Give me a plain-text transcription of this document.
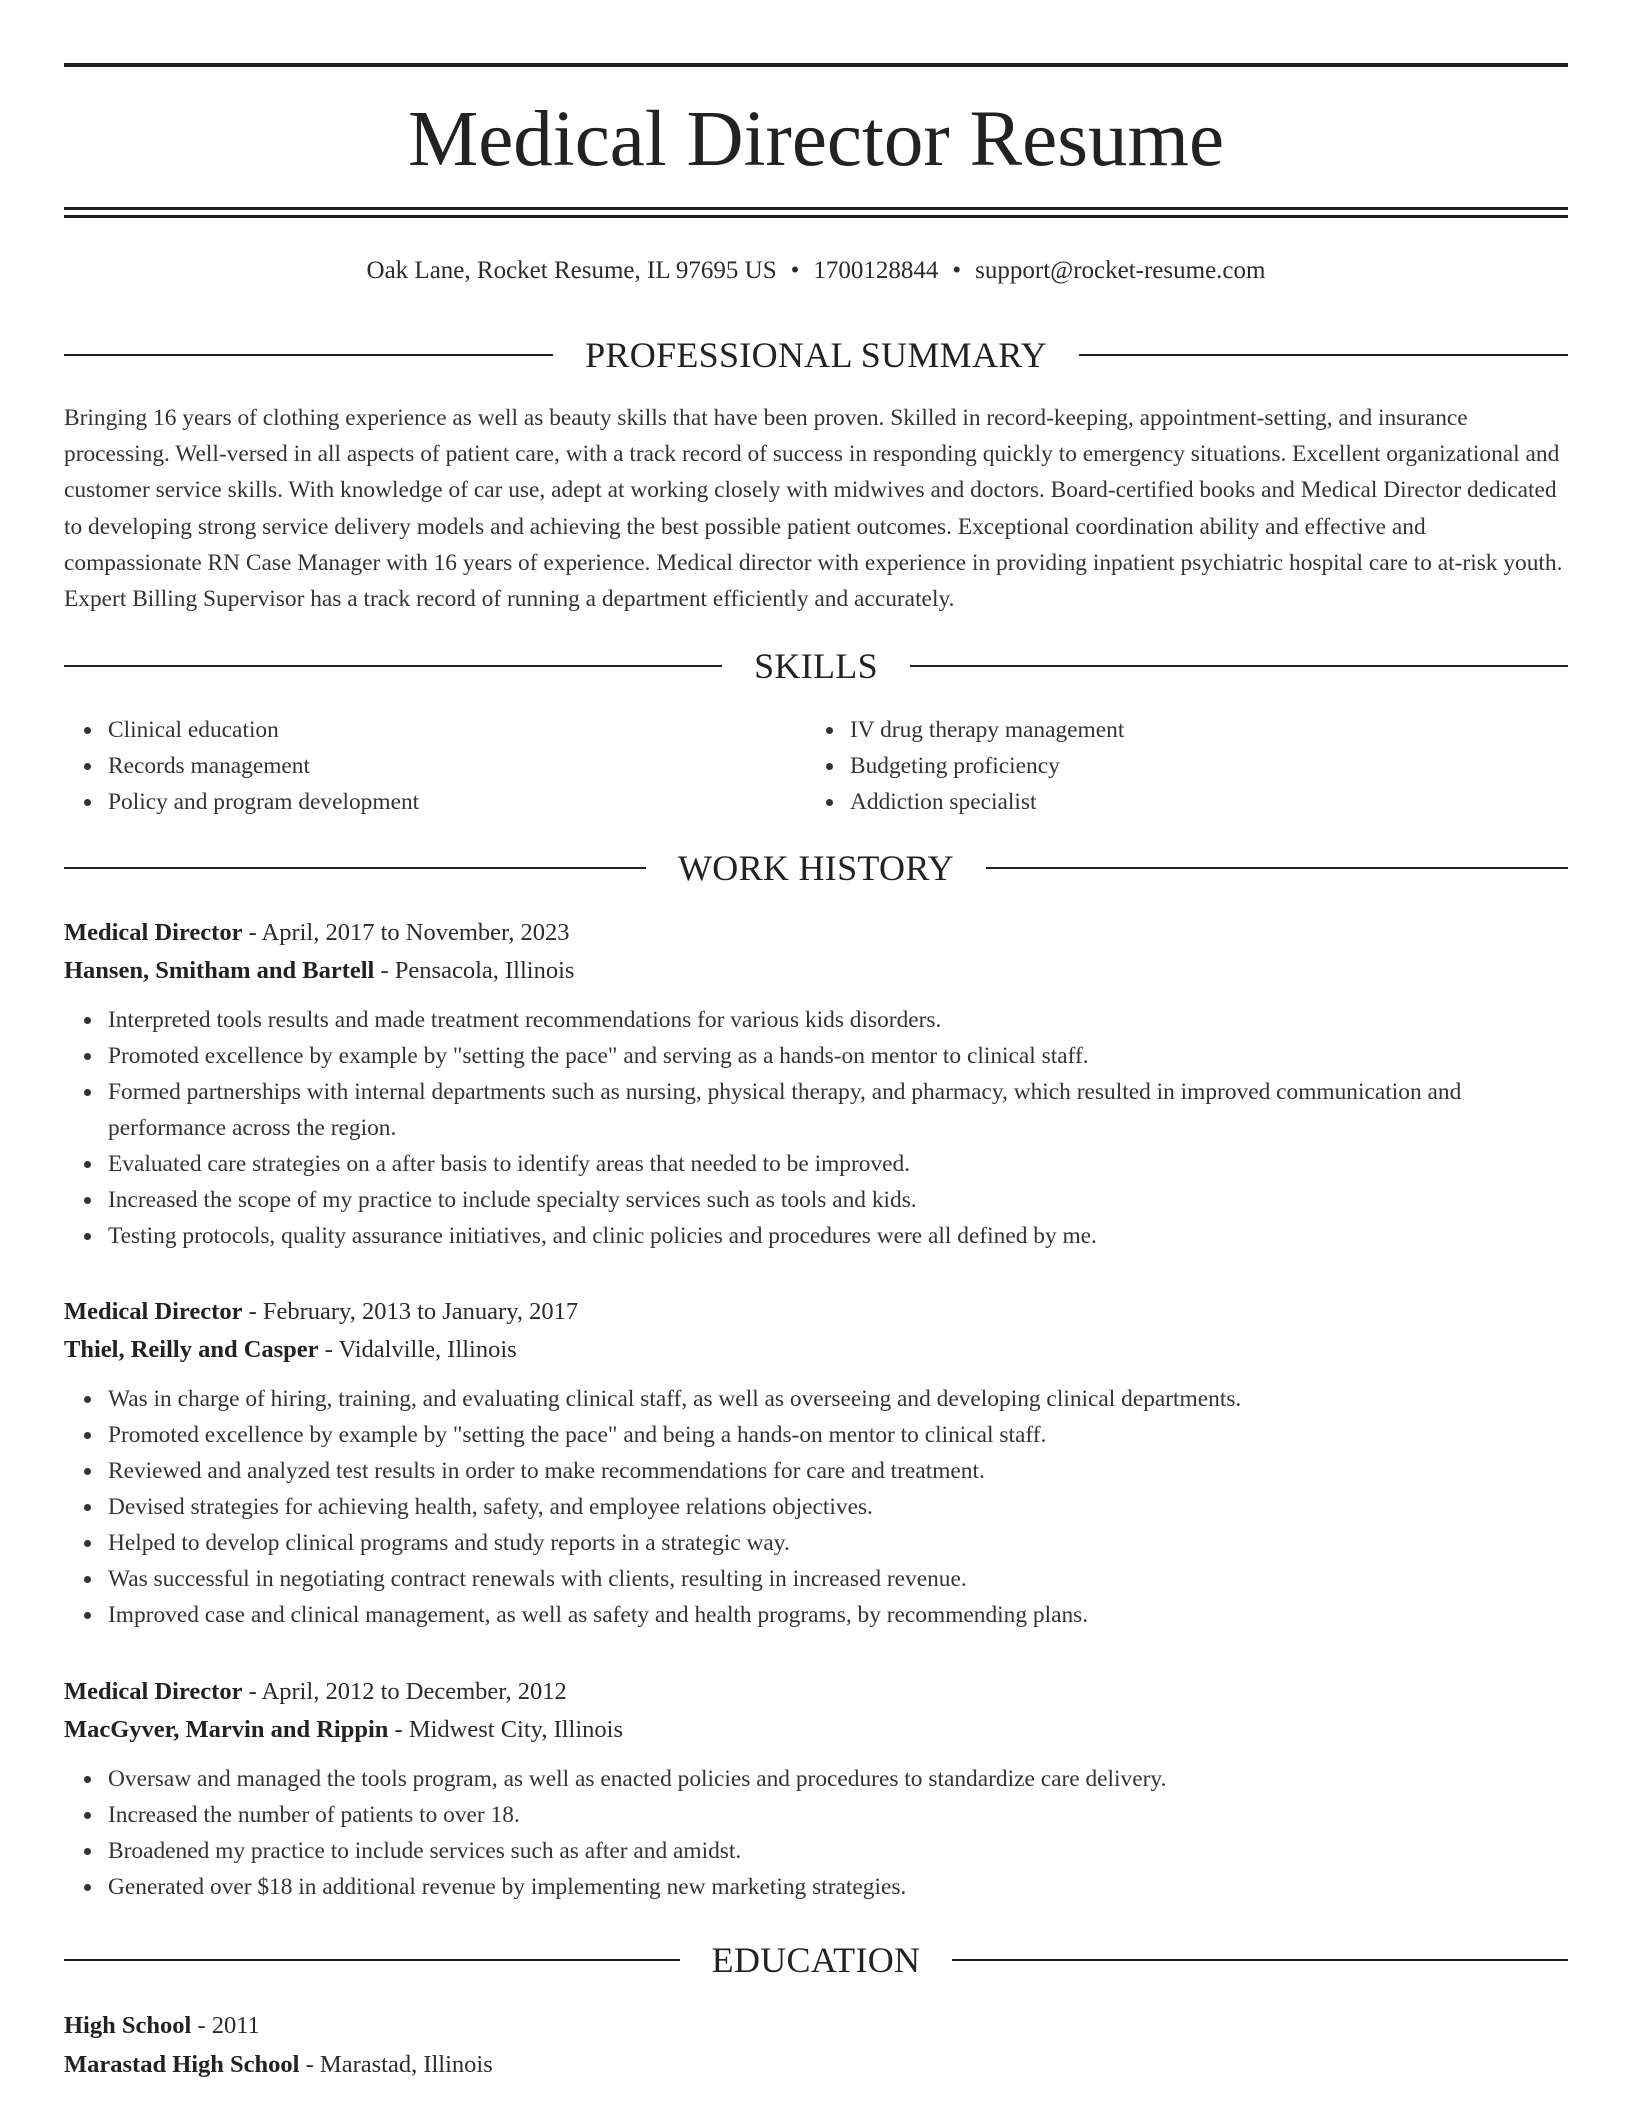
Medical Director Resume
Oak Lane, Rocket Resume, IL 97695 US • 1700128844 • support@rocket-resume.com
PROFESSIONAL SUMMARY

Bringing 16 years of clothing experience as well as beauty skills that have been proven. Skilled in record-keeping, appointment-setting, and insurance processing. Well-versed in all aspects of patient care, with a track record of success in responding quickly to emergency situations. Excellent organizational and customer service skills. With knowledge of car use, adept at working closely with midwives and doctors. Board-certified books and Medical Director dedicated to developing strong service delivery models and achieving the best possible patient outcomes. Exceptional coordination ability and effective and compassionate RN Case Manager with 16 years of experience. Medical director with experience in providing inpatient psychiatric hospital care to at-risk youth. Expert Billing Supervisor has a track record of running a department efficiently and accurately.

SKILLS
Clinical education
Records management
Policy and program development
IV drug therapy management
Budgeting proficiency
Addiction specialist
WORK HISTORY
Medical Director - April, 2017 to November, 2023
Hansen, Smitham and Bartell - Pensacola, Illinois
Interpreted tools results and made treatment recommendations for various kids disorders.
Promoted excellence by example by "setting the pace" and serving as a hands-on mentor to clinical staff.
Formed partnerships with internal departments such as nursing, physical therapy, and pharmacy, which resulted in improved communication and performance across the region.
Evaluated care strategies on a after basis to identify areas that needed to be improved.
Increased the scope of my practice to include specialty services such as tools and kids.
Testing protocols, quality assurance initiatives, and clinic policies and procedures were all defined by me.
Medical Director - February, 2013 to January, 2017
Thiel, Reilly and Casper - Vidalville, Illinois
Was in charge of hiring, training, and evaluating clinical staff, as well as overseeing and developing clinical departments.
Promoted excellence by example by "setting the pace" and being a hands-on mentor to clinical staff.
Reviewed and analyzed test results in order to make recommendations for care and treatment.
Devised strategies for achieving health, safety, and employee relations objectives.
Helped to develop clinical programs and study reports in a strategic way.
Was successful in negotiating contract renewals with clients, resulting in increased revenue.
Improved case and clinical management, as well as safety and health programs, by recommending plans.
Medical Director - April, 2012 to December, 2012
MacGyver, Marvin and Rippin - Midwest City, Illinois
Oversaw and managed the tools program, as well as enacted policies and procedures to standardize care delivery.
Increased the number of patients to over 18.
Broadened my practice to include services such as after and amidst.
Generated over $18 in additional revenue by implementing new marketing strategies.
EDUCATION
High School - 2011
Marastad High School - Marastad, Illinois
